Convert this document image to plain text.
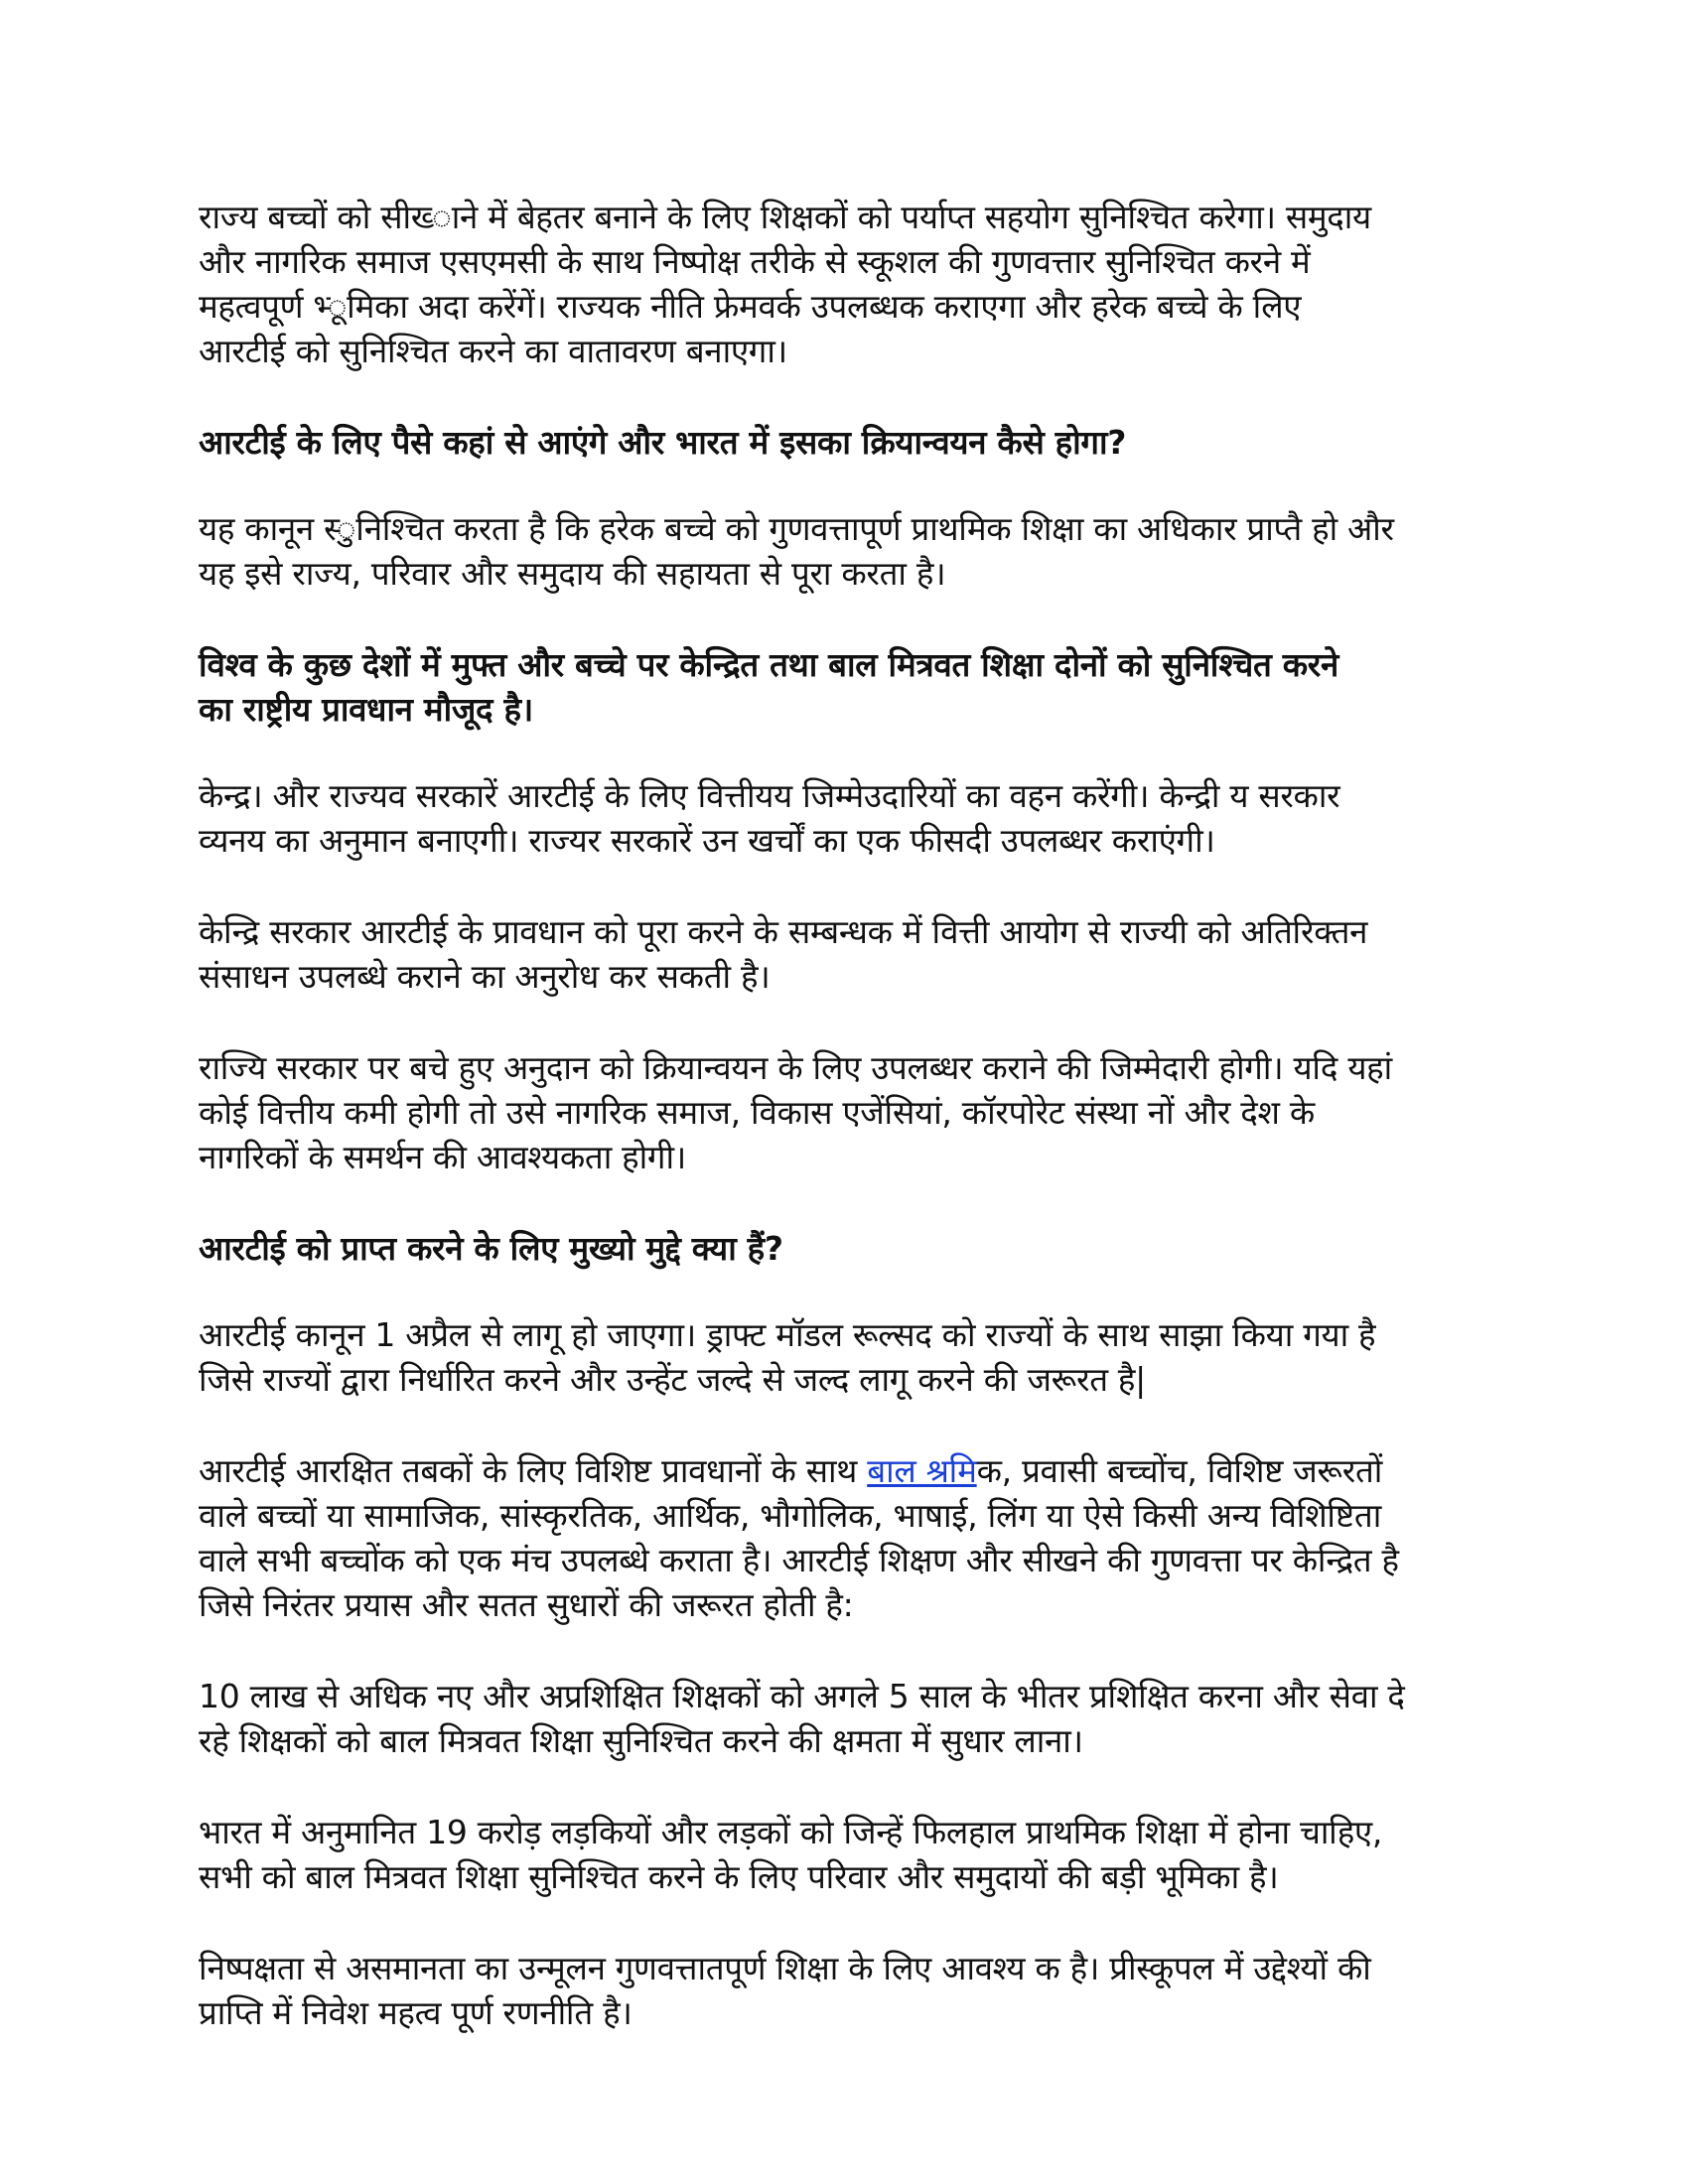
राज्य बच्चों को सीख्‍ाने में बेहतर बनाने के लिए शिक्षकों को पर्याप्त सहयोग सुनिश्चित करेगा। समुदाय
और नागरिक समाज एसएमसी के साथ निष्पोक्ष तरीके से स्कूशल की गुणवत्तार सुनिश्चित करने में
महत्वपूर्ण भ्‍ूमिका अदा करेंगें। राज्यक नीति फ्रेमवर्क उपलब्धक कराएगा और हरेक बच्चेे के लिए
आरटीई को सुनिश्चित करने का वातावरण बनाएगा।

आरटीई के लिए पैसे कहां से आएंगे और भारत में इसका क्रियान्वयन कैसे होगा?

यह कानून स्‍ुनिश्चित करता है कि हरेक बच्चे को गुणवत्तापूर्ण प्राथमिक शिक्षा का अधिकार प्राप्तै हो और
यह इसे राज्य, परिवार और समुदाय की सहायता से पूरा करता है।

विश्व के कुछ देशों में मुफ्त और बच्चे पर केन्द्रित तथा बाल मित्रवत शिक्षा दोनों को सुनिश्चित करने
का राष्ट्रीय प्रावधान मौजूद है।

केन्द्र। और राज्यव सरकारें आरटीई के लिए वित्तीयय जिम्मेउदारियों का वहन करेंगी। केन्द्री य सरकार
व्यनय का अनुमान बनाएगी। राज्यर सरकारें उन खर्चों का एक फीसदी उपलब्धर कराएंगी।

केन्द्रि सरकार आरटीई के प्रावधान को पूरा करने के सम्बन्धक में वित्ती आयोग से राज्यी को अतिरिक्तन
संसाधन उपलब्धे कराने का अनुरोध कर सकती है।

राज्यि सरकार पर बचे हुए अनुदान को क्रियान्वयन के लिए उपलब्धर कराने की जिम्मेदारी होगी। यदि यहां
कोई वित्तीय कमी होगी तो उसे नागरिक समाज, विकास एजेंसियां, कॉरपोरेट संस्था नों और देश के
नागरिकों के समर्थन की आवश्यकता होगी।

आरटीई को प्राप्त करने के लिए मुख्यो मुद्दे क्या हैं?

आरटीई कानून 1 अप्रैल से लागू हो जाएगा। ड्राफ्ट मॉडल रूल्सद को राज्यों के साथ साझा किया गया है
जिसे राज्यों द्वारा निर्धारित करने और उन्हेंट जल्दे से जल्द लागू करने की जरूरत है|

आरटीई आरक्षित तबकों के लिए विशिष्ट प्रावधानों के साथ बाल श्रमिक, प्रवासी बच्चोंच, विशिष्ट जरूरतों
वाले बच्चों या सामाजिक, सांस्कृरतिक, आर्थिक, भौगोलिक, भाषाई, लिंग या ऐसे किसी अन्य विशिष्टिता
वाले सभी बच्चोंक को एक मंच उपलब्धे कराता है। आरटीई शिक्षण और सीखने की गुणवत्ता पर केन्द्रित है
जिसे निरंतर प्रयास और सतत सुधारों की जरूरत होती है:

10 लाख से अधिक नए और अप्रशिक्षित शिक्षकों को अगले 5 साल के भीतर प्रशिक्षित करना और सेवा दे
रहे शिक्षकों को बाल मित्रवत शिक्षा सुनिश्चित करने की क्षमता में सुधार लाना।

भारत में अनुमानित 19 करोड़ लड़कियों और लड़कों को जिन्हें फिलहाल प्राथमिक शिक्षा में होना चाहिए,
सभी को बाल मित्रवत शिक्षा सुनिश्चित करने के लिए परिवार और समुदायों की बड़ी भूमिका है।

निष्पक्षता से असमानता का उन्मूलन गुणवत्तातपूर्ण शिक्षा के लिए आवश्य क है। प्रीस्कूपल में उद्देश्यों की
प्राप्ति में निवेश महत्व पूर्ण रणनीति है।
